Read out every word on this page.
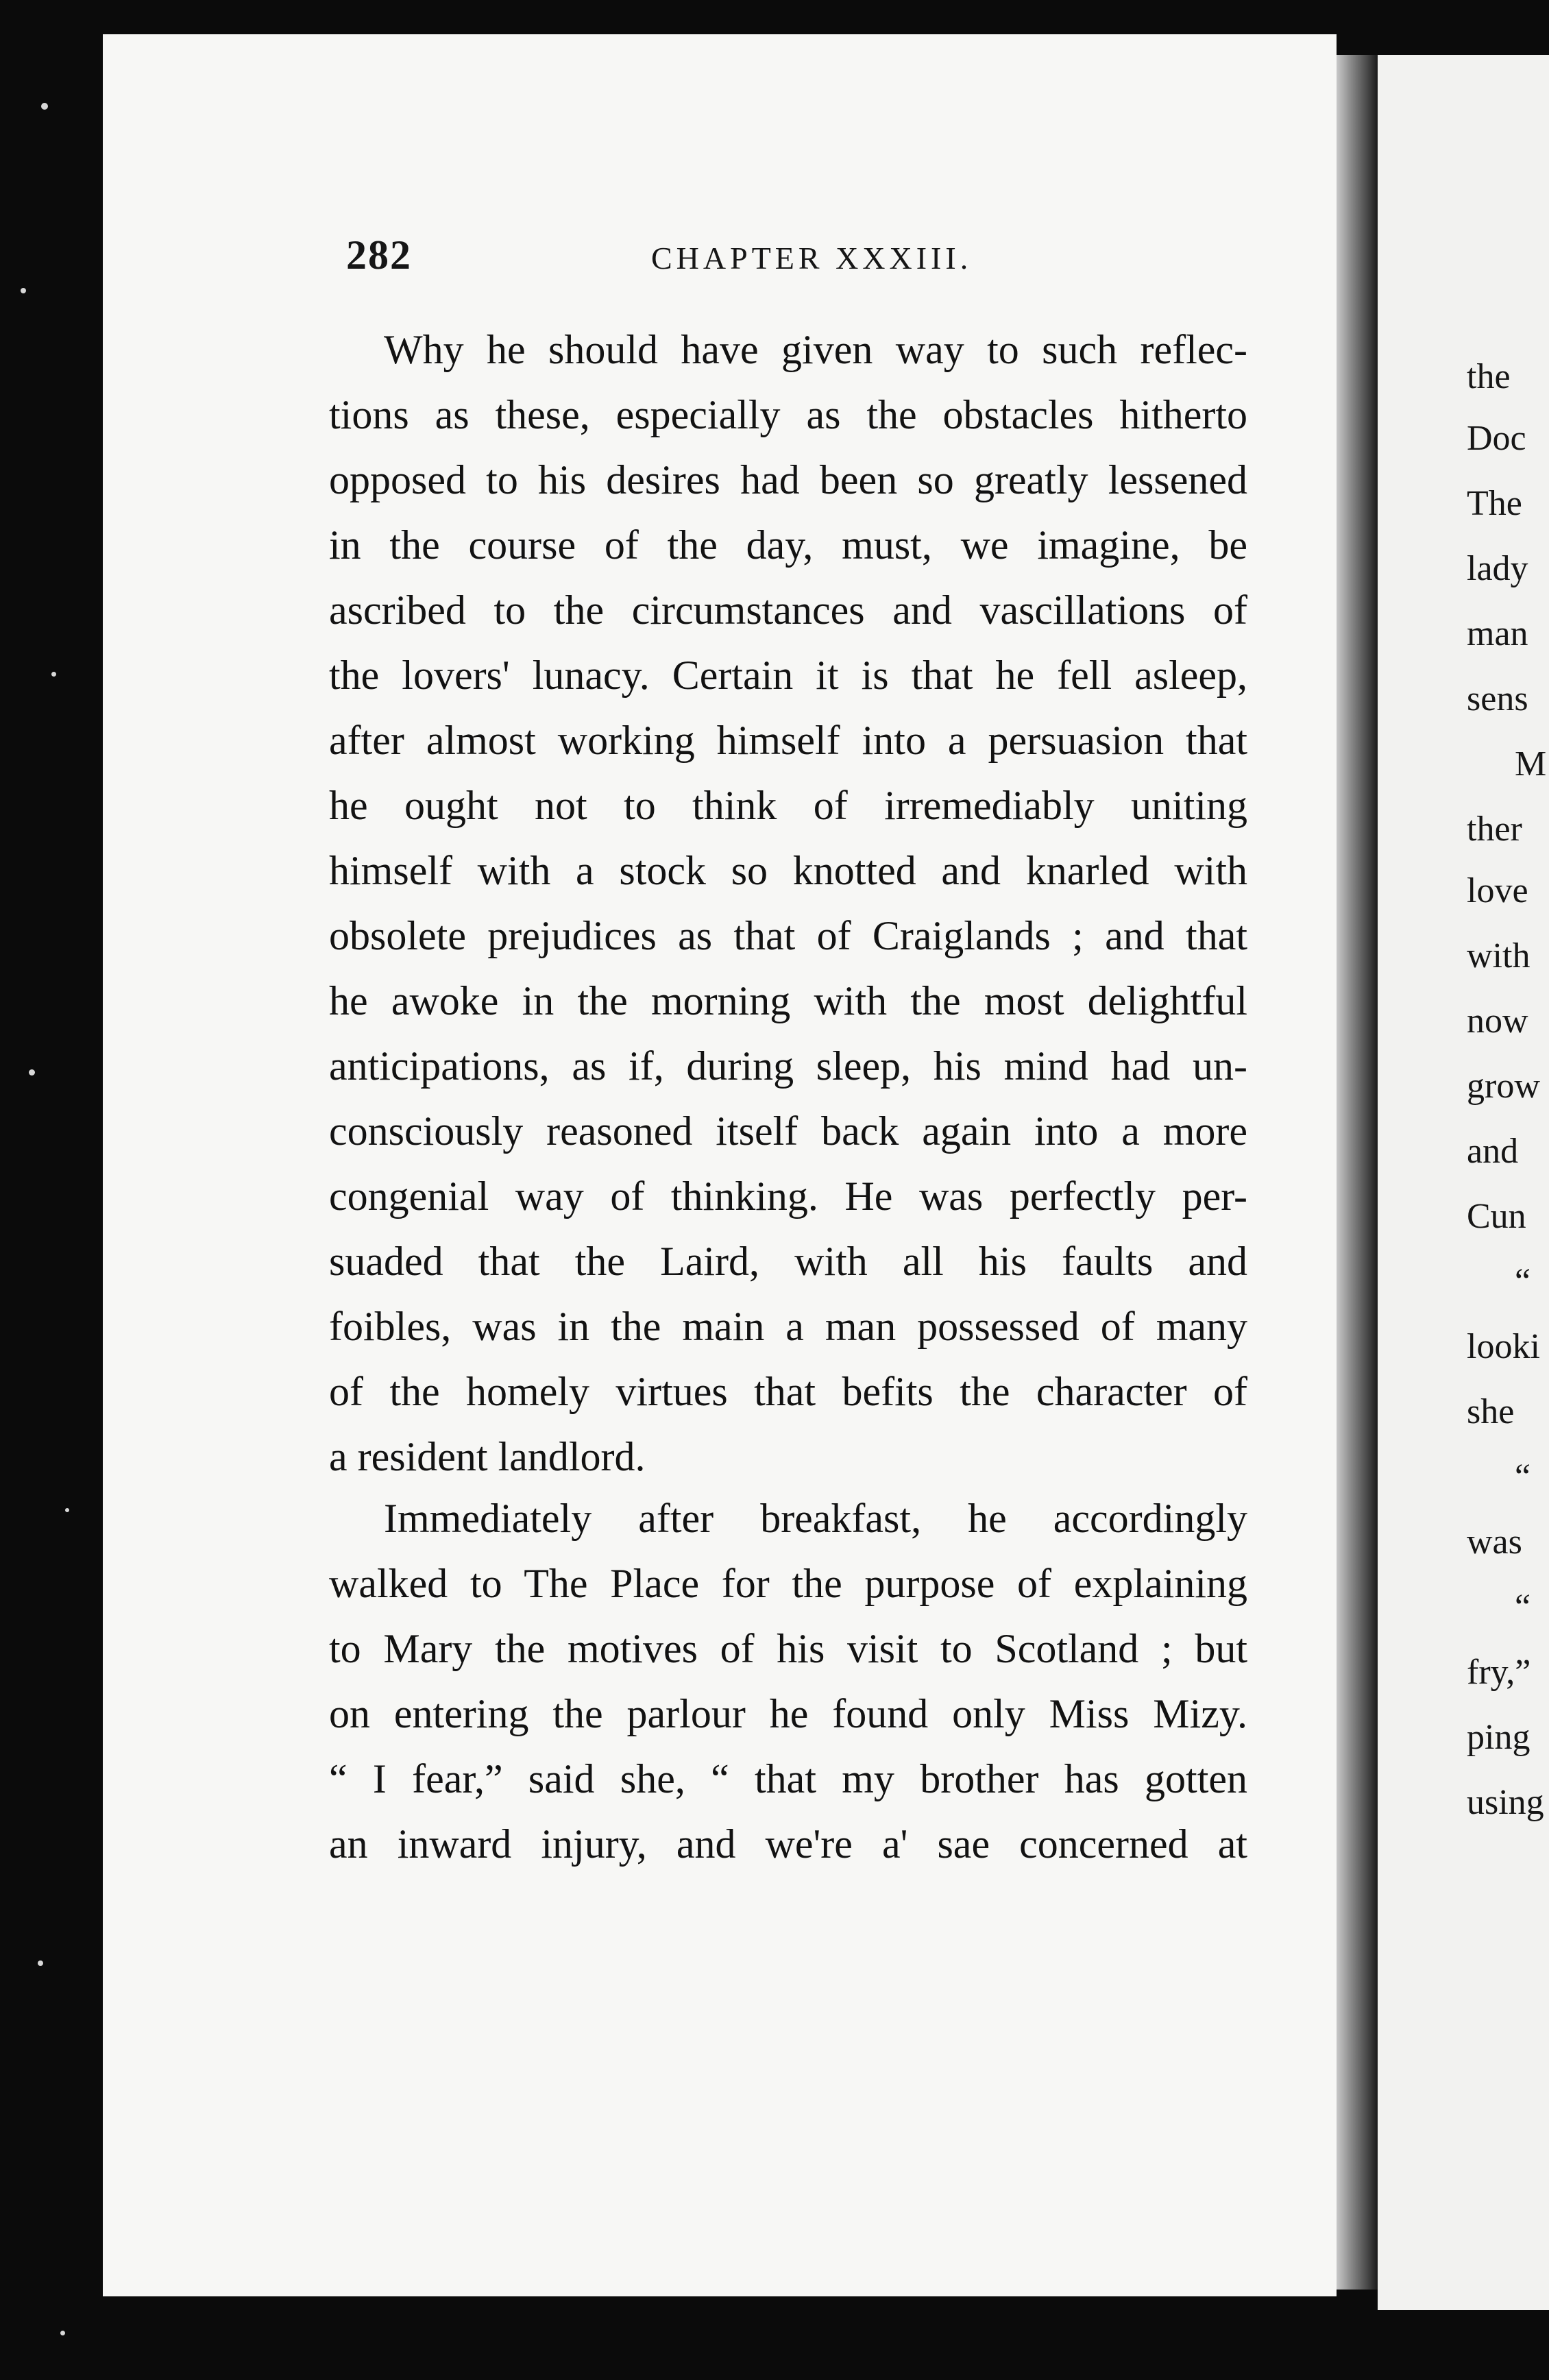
282	CHAPTER XXXIII.
Why he should have given way to such reflec-
tions as these, especially as the obstacles hitherto
opposed to his desires had been so greatly lessened
in the course of the day, must, we imagine, be
ascribed to the circumstances and vascillations of
the lovers' lunacy. Certain it is that he fell asleep,
after almost working himself into a persuasion that
he ought not to think of irremediably uniting
himself with a stock so knotted and knarled with
obsolete prejudices as that of Craiglands ; and that
he awoke in the morning with the most delightful
anticipations, as if, during sleep, his mind had un-
consciously reasoned itself back again into a more
congenial way of thinking. He was perfectly per-
suaded that the Laird, with all his faults and
foibles, was in the main a man possessed of many
of the homely virtues that befits the character of
a resident landlord.
Immediately after breakfast, he accordingly
walked to The Place for the purpose of explaining
to Mary the motives of his visit to Scotland ; but
on entering the parlour he found only Miss Mizy.
“ I fear,” said she, “ that my brother has gotten
an inward injury, and we're a' sae concerned at
the
Doc
The
lady
man
sens
M
ther
love
with
now
grow
and
Cun
“
looki
she
“
was
“
fry,”
ping
using
